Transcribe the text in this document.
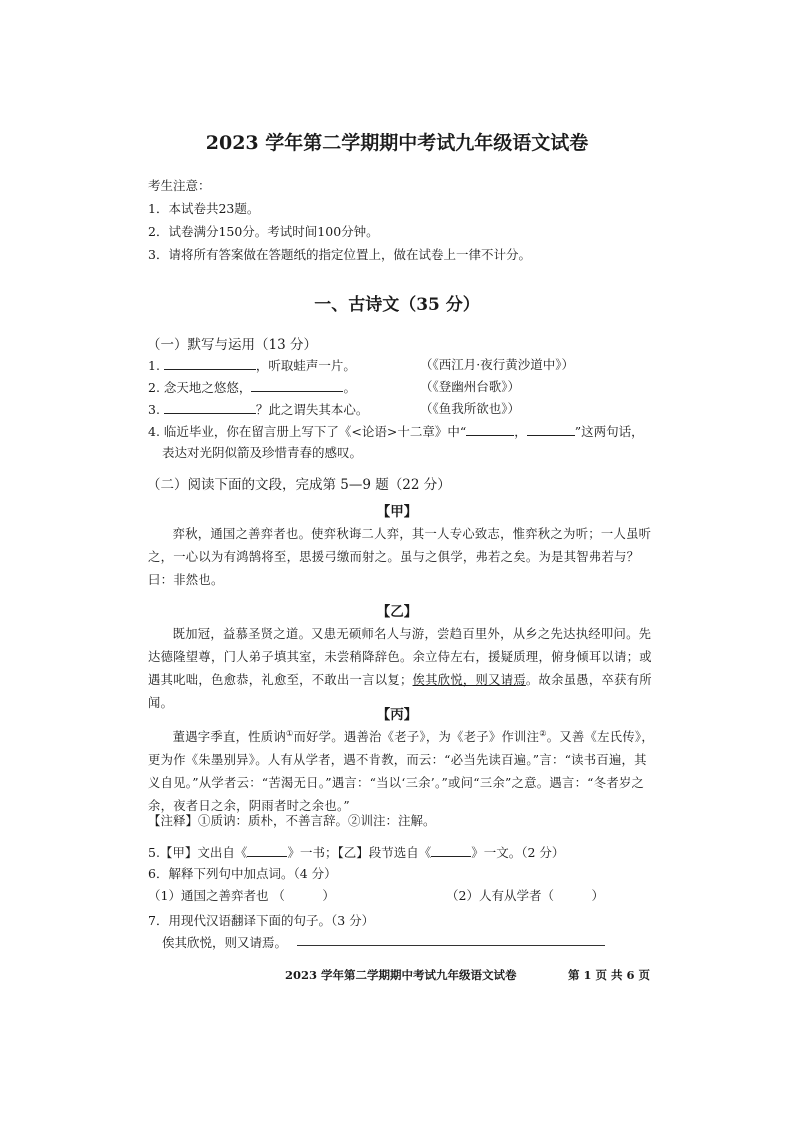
2023 学年第二学期期中考试九年级语文试卷
考生注意：
1．本试卷共23题。
2．试卷满分150分。考试时间100分钟。
3．请将所有答案做在答题纸的指定位置上，做在试卷上一律不计分。
一、古诗文（35 分）
（一）默写与运用（13 分）
1.	，听取蛙声一片。	（《西江月·夜行黄沙道中》）
2. 念天地之悠悠，	。	（《登幽州台歌》）
3.	？此之谓失其本心。	（《鱼我所欲也》）
4. 临近毕业，你在留言册上写下了《<论语>十二章》中“	，	”这两句话，
表达对光阴似箭及珍惜青春的感叹。
（二）阅读下面的文段，完成第 5—9 题（22 分）
【甲】
弈秋，通国之善弈者也。使弈秋诲二人弈，其一人专心致志，惟弈秋之为听；一人虽听之，一心以为有鸿鹄将至，思援弓缴而射之。虽与之俱学，弗若之矣。为是其智弗若与？曰：非然也。
【乙】
既加冠，益慕圣贤之道。又患无硕师名人与游，尝趋百里外，从乡之先达执经叩问。先达德隆望尊，门人弟子填其室，未尝稍降辞色。余立侍左右，援疑质理，俯身倾耳以请；或遇其叱咄，色愈恭，礼愈至，不敢出一言以复；俟其欣悦，则又请焉。故余虽愚，卒获有所闻。
【丙】
董遇字季直，性质讷①而好学。遇善治《老子》，为《老子》作训注②。又善《左氏传》，更为作《朱墨别异》。人有从学者，遇不肯教，而云：“必当先读百遍。”言：“读书百遍，其义自见。”从学者云：“苦渴无日。”遇言：“当以‘三余’。”或问“三余”之意。遇言：“冬者岁之余，夜者日之余，阴雨者时之余也。”
【注释】①质讷：质朴，不善言辞。②训注：注解。
5.【甲】文出自《	》一书；【乙】段节选自《	》一文。（2 分）
6．解释下列句中加点词。（4 分）
（1）通国之善弈者也 （　　　）	（2）人有从学者（　　　）
7．用现代汉语翻译下面的句子。（3 分）
俟其欣悦，则又请焉。
2023 学年第二学期期中考试九年级语文试卷	第 1 页 共 6 页
